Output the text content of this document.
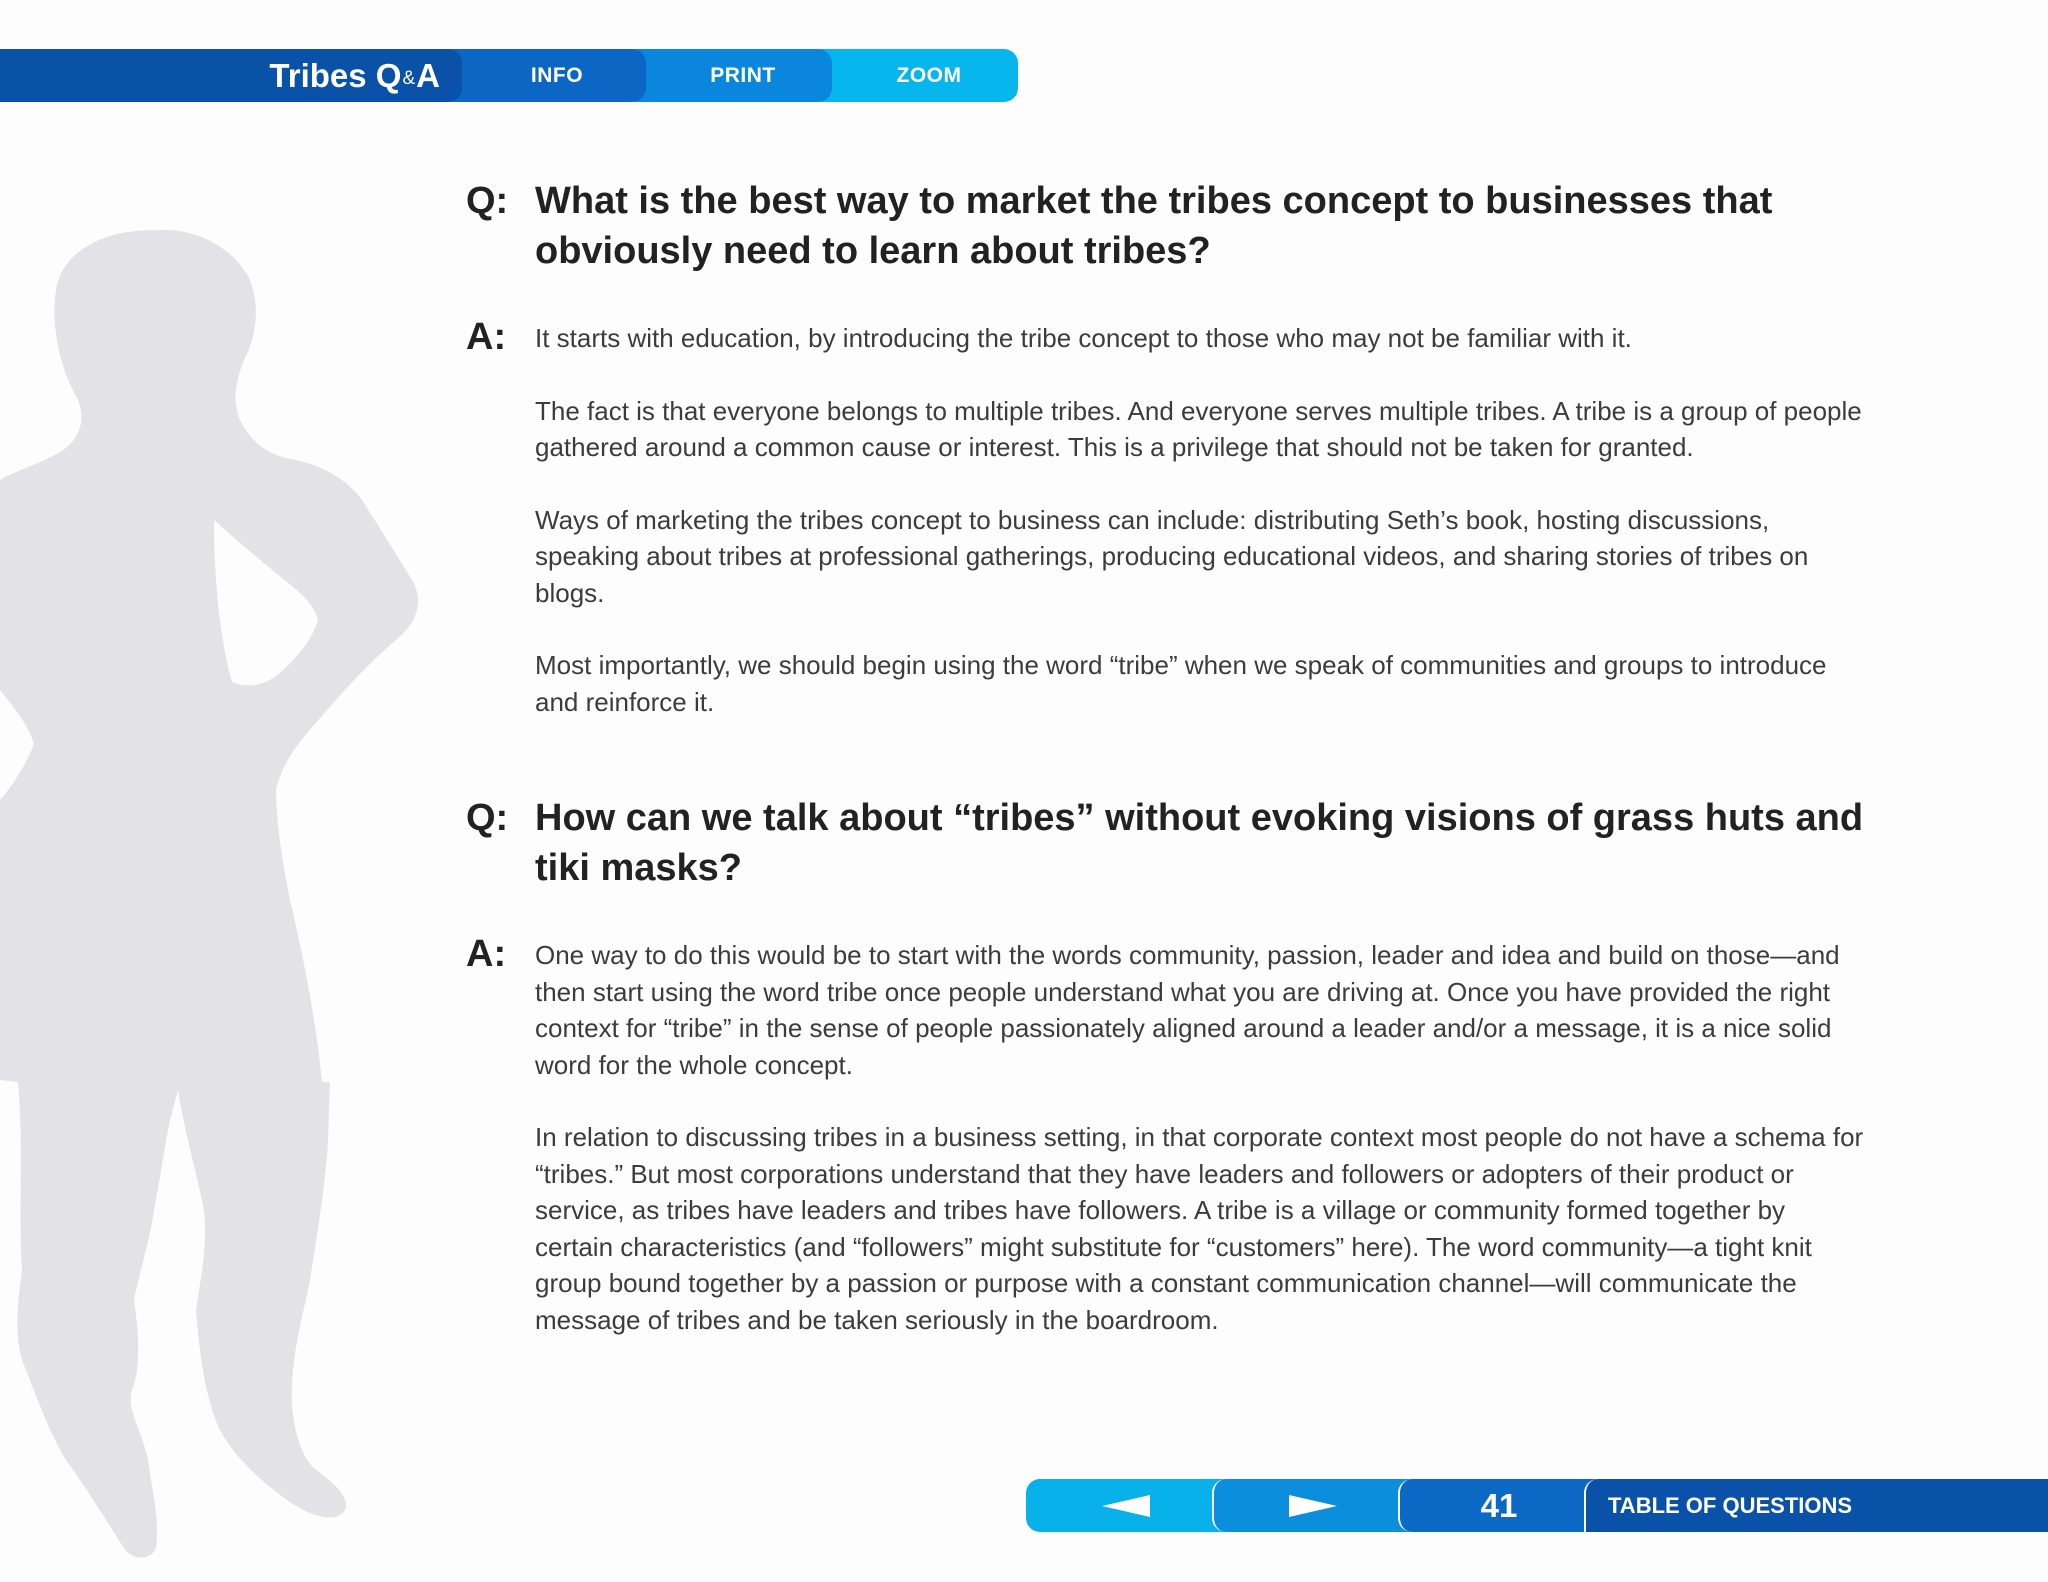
Tribes Q & A	INFO	PRINT	ZOOM
Q: What is the best way to market the tribes concept to businesses that obviously need to learn about tribes?
A: It starts with education, by introducing the tribe concept to those who may not be familiar with it.

The fact is that everyone belongs to multiple tribes. And everyone serves multiple tribes. A tribe is a group of people gathered around a common cause or interest. This is a privilege that should not be taken for granted.

Ways of marketing the tribes concept to business can include: distributing Seth’s book, hosting discussions, speaking about tribes at professional gatherings, producing educational videos, and sharing stories of tribes on blogs.

Most importantly, we should begin using the word “tribe” when we speak of communities and groups to introduce and reinforce it.

Q: How can we talk about “tribes” without evoking visions of grass huts and tiki masks?
A: One way to do this would be to start with the words community, passion, leader and idea and build on those—and then start using the word tribe once people understand what you are driving at. Once you have provided the right context for “tribe” in the sense of people passionately aligned around a leader and/or a message, it is a nice solid word for the whole concept.

In relation to discussing tribes in a business setting, in that corporate context most people do not have a schema for “tribes.” But most corporations understand that they have leaders and followers or adopters of their product or service, as tribes have leaders and tribes have followers. A tribe is a village or community formed together by certain characteristics (and “followers” might substitute for “customers” here). The word community—a tight knit group bound together by a passion or purpose with a constant communication channel—will communicate the message of tribes and be taken seriously in the boardroom.

41	TABLE OF QUESTIONS
